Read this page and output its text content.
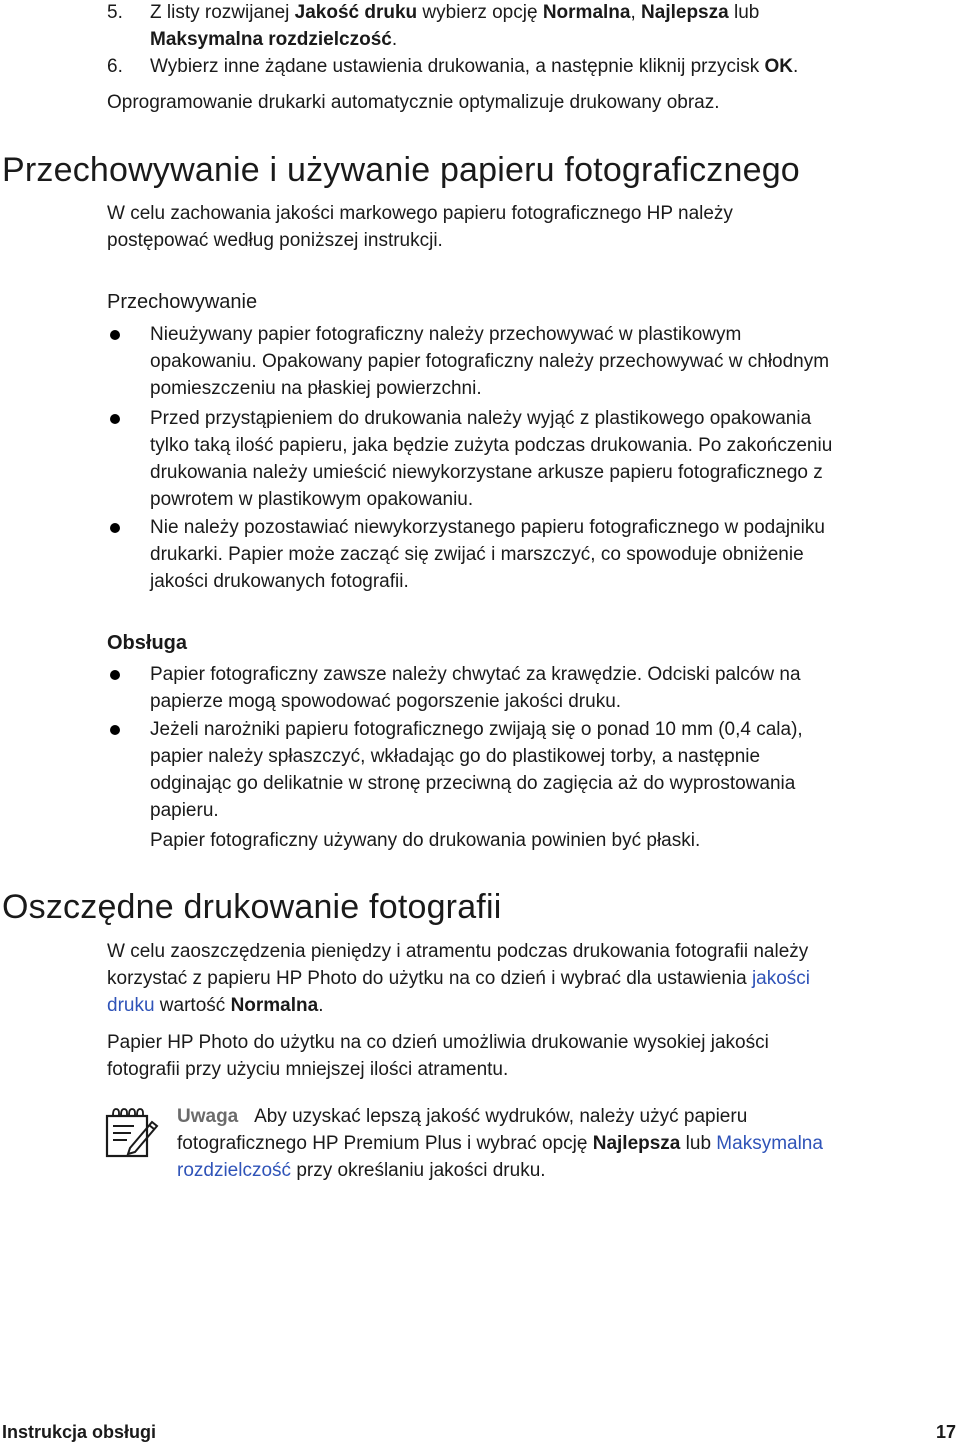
5. Z listy rozwijanej Jakość druku wybierz opcję Normalna, Najlepsza lub

Maksymalna rozdzielczość.

6. Wybierz inne żądane ustawienia drukowania, a następnie kliknij przycisk OK.

Oprogramowanie drukarki automatycznie optymalizuje drukowany obraz.

Przechowywanie i używanie papieru fotograficznego

W celu zachowania jakości markowego papieru fotograficznego HP należy

postępować według poniższej instrukcji.

Przechowywanie

Nieużywany papier fotograficzny należy przechowywać w plastikowym

opakowaniu. Opakowany papier fotograficzny należy przechowywać w chłodnym

pomieszczeniu na płaskiej powierzchni.

Przed przystąpieniem do drukowania należy wyjąć z plastikowego opakowania

tylko taką ilość papieru, jaka będzie zużyta podczas drukowania. Po zakończeniu

drukowania należy umieścić niewykorzystane arkusze papieru fotograficznego z

powrotem w plastikowym opakowaniu.

Nie należy pozostawiać niewykorzystanego papieru fotograficznego w podajniku

drukarki. Papier może zacząć się zwijać i marszczyć, co spowoduje obniżenie

jakości drukowanych fotografii.

Obsługa

Papier fotograficzny zawsze należy chwytać za krawędzie. Odciski palców na

papierze mogą spowodować pogorszenie jakości druku.

Jeżeli narożniki papieru fotograficznego zwijają się o ponad 10 mm (0,4 cala),

papier należy spłaszczyć, wkładając go do plastikowej torby, a następnie

odginając go delikatnie w stronę przeciwną do zagięcia aż do wyprostowania

papieru.

Papier fotograficzny używany do drukowania powinien być płaski.

Oszczędne drukowanie fotografii

W celu zaoszczędzenia pieniędzy i atramentu podczas drukowania fotografii należy

korzystać z papieru HP Photo do użytku na co dzień i wybrać dla ustawienia jakości

druku wartość Normalna.

Papier HP Photo do użytku na co dzień umożliwia drukowanie wysokiej jakości

fotografii przy użyciu mniejszej ilości atramentu.

Uwaga Aby uzyskać lepszą jakość wydruków, należy użyć papieru

fotograficznego HP Premium Plus i wybrać opcję Najlepsza lub Maksymalna

rozdzielczość przy określaniu jakości druku.

Instrukcja obsługi	17
